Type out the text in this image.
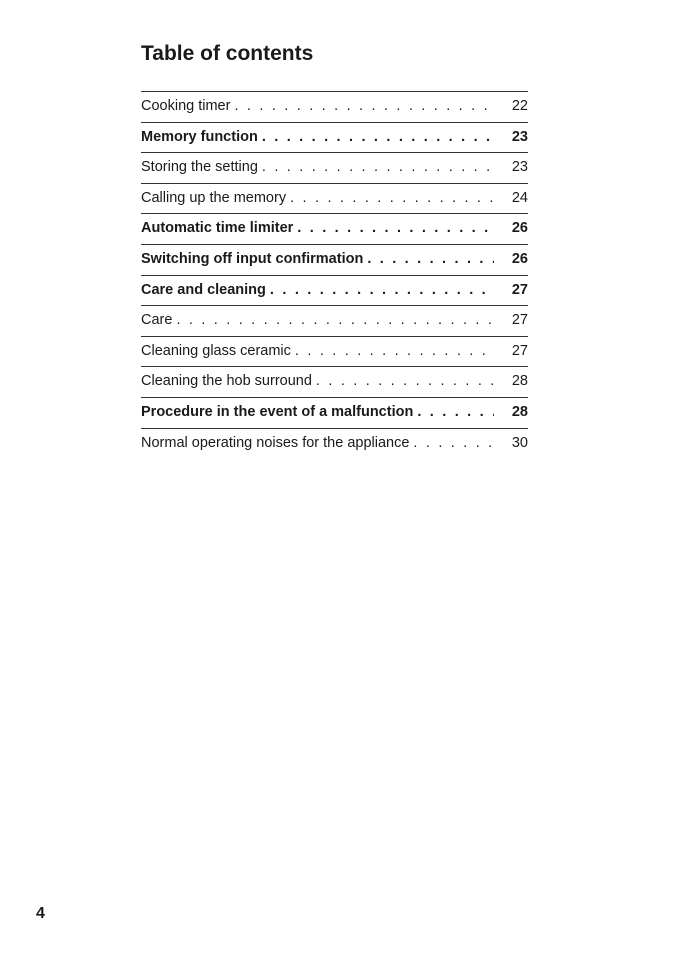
Table of contents
Cooking timer . . .	22
Memory function . . .	23
Storing the setting . . .	23
Calling up the memory . . .	24
Automatic time limiter . . .	26
Switching off input confirmation . . .	26
Care and cleaning . . .	27
Care . . .	27
Cleaning glass ceramic . . .	27
Cleaning the hob surround . . .	28
Procedure in the event of a malfunction . . .	28
Normal operating noises for the appliance . . .	30
4
